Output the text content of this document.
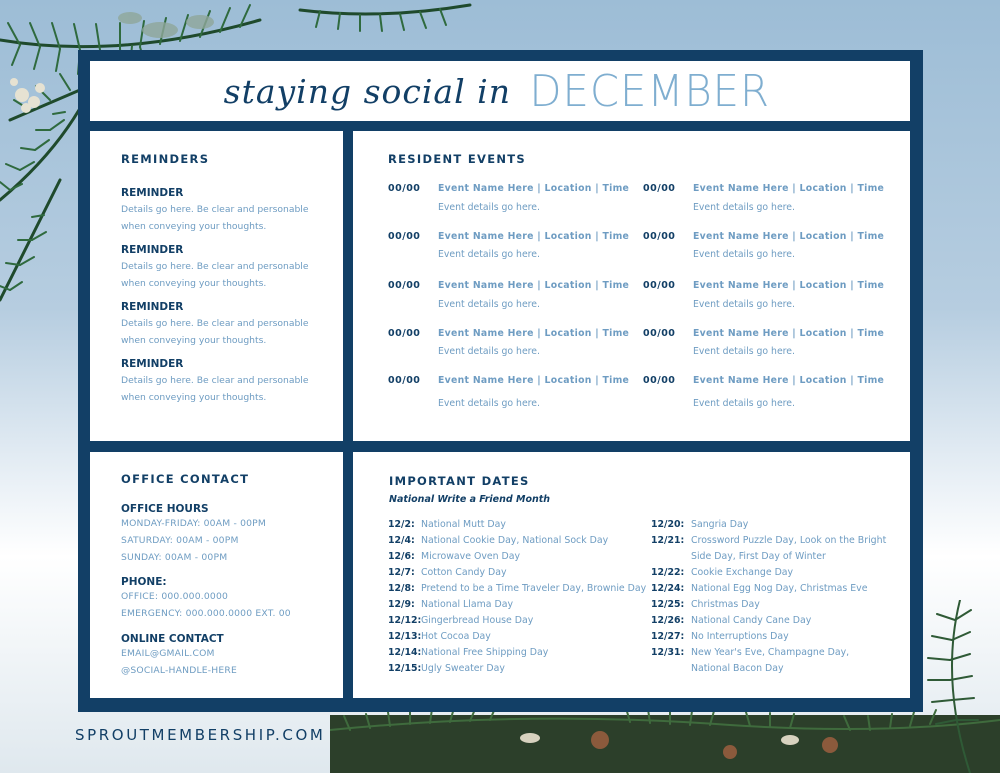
staying social in DECEMBER
REMINDERS
REMINDER
Details go here. Be clear and personable
when conveying your thoughts.
REMINDER
Details go here. Be clear and personable
when conveying your thoughts.
REMINDER
Details go here. Be clear and personable
when conveying your thoughts.
REMINDER
Details go here. Be clear and personable
when conveying your thoughts.
RESIDENT EVENTS
00/00 Event Name Here | Location | Time
Event details go here.
00/00 Event Name Here | Location | Time
Event details go here.
00/00 Event Name Here | Location | Time
Event details go here.
00/00 Event Name Here | Location | Time
Event details go here.
00/00 Event Name Here | Location | Time
Event details go here.
00/00 Event Name Here | Location | Time
Event details go here.
00/00 Event Name Here | Location | Time
Event details go here.
00/00 Event Name Here | Location | Time
Event details go here.
00/00 Event Name Here | Location | Time
Event details go here.
00/00 Event Name Here | Location | Time
Event details go here.
OFFICE CONTACT
OFFICE HOURS
MONDAY-FRIDAY: 00AM - 00PM
SATURDAY: 00AM - 00PM
SUNDAY: 00AM - 00PM
PHONE:
OFFICE: 000.000.0000
EMERGENCY: 000.000.0000 EXT. 00
ONLINE CONTACT
EMAIL@GMAIL.COM
@SOCIAL-HANDLE-HERE
IMPORTANT DATES
National Write a Friend Month
12/2: National Mutt Day
12/4: National Cookie Day, National Sock Day
12/6: Microwave Oven Day
12/7: Cotton Candy Day
12/8: Pretend to be a Time Traveler Day, Brownie Day
12/9: National Llama Day
12/12:Gingerbread House Day
12/13:Hot Cocoa Day
12/14:National Free Shipping Day
12/15:Ugly Sweater Day
12/20: Sangria Day
12/21: Crossword Puzzle Day, Look on the Bright
Side Day, First Day of Winter
12/22: Cookie Exchange Day
12/24: National Egg Nog Day, Christmas Eve
12/25: Christmas Day
12/26: National Candy Cane Day
12/27: No Interruptions Day
12/31: New Year's Eve, Champagne Day,
National Bacon Day
SPROUTMEMBERSHIP.COM
